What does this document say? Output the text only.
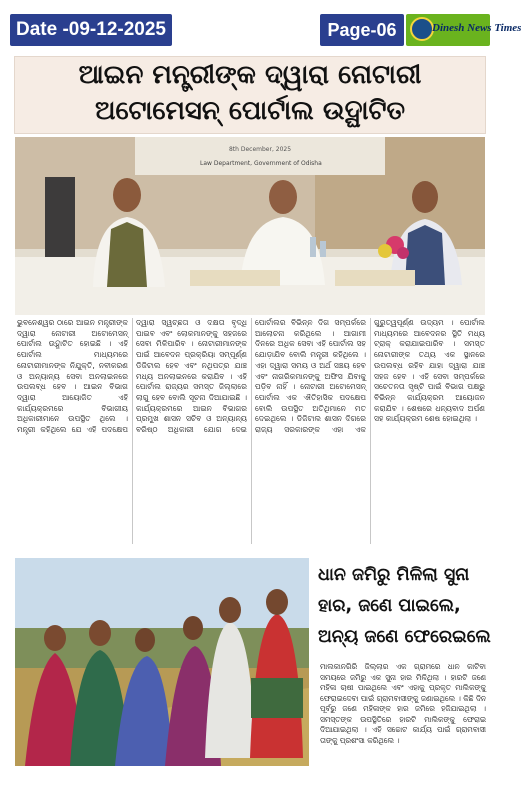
Date -09-12-2025	Page-06	Dinesh News Times
ଆଇନ ମନ୍ତ୍ରୀଙ୍କ ଦ୍ୱାରା ନୋଟାରୀ
ଅଟୋମେସନ୍ ପୋର୍ଟାଲ ଉଦ୍ଘାଟିତ
8th December, 2025
Law Department, Government of Odisha

ଭୁବନେଶ୍ୱର ଠାରେ ଆଇନ ମନ୍ତ୍ରୀଙ୍କ ଦ୍ୱାରା ନୋଟାରୀ ଅଟୋମେସନ୍ ପୋର୍ଟାଲ ଉଦ୍ଘାଟିତ ହୋଇଛି । ଏହି ପୋର୍ଟାଲ ମାଧ୍ୟମରେ ନୋଟାରୀମାନଙ୍କ ନିଯୁକ୍ତି, ନବୀକରଣ ଓ ଅନ୍ୟାନ୍ୟ ସେବା ଅନଲାଇନରେ ଉପଲବ୍ଧ ହେବ । ଆଇନ ବିଭାଗ ଦ୍ୱାରା ଆୟୋଜିତ ଏହି କାର୍ଯ୍ୟକ୍ରମରେ ବିଭାଗୀୟ ଅଧିକାରୀମାନେ ଉପସ୍ଥିତ ଥିଲେ । ମନ୍ତ୍ରୀ କହିଥିଲେ ଯେ ଏହି ପଦକ୍ଷେପ ଦ୍ୱାରା ସ୍ୱଚ୍ଛତା ଓ ଦକ୍ଷତା ବୃଦ୍ଧି ପାଇବ ଏବଂ ଲୋକମାନଙ୍କୁ ସହଜରେ ସେବା ମିଳିପାରିବ । ନୋଟାରୀମାନଙ୍କ ପାଇଁ ଆବେଦନ ପ୍ରକ୍ରିୟା ସମ୍ପୂର୍ଣ୍ଣ ଡିଜିଟାଲ ହେବ ଏବଂ ନଥିପତ୍ର ଯାଞ୍ଚ ମଧ୍ୟ ଅନଲାଇନରେ କରାଯିବ । ଏହି ପୋର୍ଟାଲ ରାଜ୍ୟର ସମସ୍ତ ଜିଲ୍ଲାରେ ଲାଗୁ ହେବ ବୋଲି ସୂଚନା ଦିଆଯାଇଛି । କାର୍ଯ୍ୟକ୍ରମରେ ଆଇନ ବିଭାଗର ପ୍ରମୁଖ ଶାସନ ସଚିବ ଓ ଅନ୍ୟାନ୍ୟ ବରିଷ୍ଠ ଅଧିକାରୀ ଯୋଗ ଦେଇ ପୋର୍ଟାଲର ବିଭିନ୍ନ ଦିଗ ସମ୍ପର୍କରେ ଆଲୋଚନା କରିଥିଲେ । ଆଗାମୀ ଦିନରେ ଅଧିକ ସେବା ଏହି ପୋର୍ଟାଲ ସହ ଯୋଡ଼ାଯିବ ବୋଲି ମନ୍ତ୍ରୀ କହିଥିଲେ । ଏହା ଦ୍ୱାରା ସମୟ ଓ ଅର୍ଥ ସଞ୍ଚୟ ହେବ ଏବଂ ନାଗରିକମାନଙ୍କୁ ଅଫିସ ଯିବାକୁ ପଡ଼ିବ ନାହିଁ । ନୋଟାରୀ ଅଟୋମେସନ୍ ପୋର୍ଟାଲ ଏକ ଐତିହାସିକ ପଦକ୍ଷେପ ବୋଲି ଉପସ୍ଥିତ ଅତିଥିମାନେ ମତ ଦେଇଥିଲେ । ଡିଜିଟାଲ ଶାସନ ଦିଗରେ ରାଜ୍ୟ ସରକାରଙ୍କ ଏହା ଏକ ଗୁରୁତ୍ୱପୂର୍ଣ୍ଣ ଉଦ୍ୟମ । ପୋର୍ଟାଲ ମାଧ୍ୟମରେ ଆବେଦନର ସ୍ଥିତି ମଧ୍ୟ ଟ୍ରାକ୍ କରାଯାଇପାରିବ । ସମସ୍ତ ନୋଟାରୀଙ୍କ ତଥ୍ୟ ଏକ ସ୍ଥାନରେ ଉପଲବ୍ଧ ରହିବ ଯାହା ଦ୍ୱାରା ଯାଞ୍ଚ ସହଜ ହେବ । ଏହି ସେବା ସମ୍ପର୍କରେ ସଚେତନତା ସୃଷ୍ଟି ପାଇଁ ବିଭାଗ ପକ୍ଷରୁ ବିଭିନ୍ନ କାର୍ଯ୍ୟକ୍ରମ ଆୟୋଜନ କରାଯିବ । ଶେଷରେ ଧନ୍ୟବାଦ ଅର୍ପଣ ସହ କାର୍ଯ୍ୟକ୍ରମ ଶେଷ ହୋଇଥିଲା ।

ଧାନ ଜମିରୁ ମିଳିଲା ସୁନା
ହାର, ଜଣେ ପାଇଲେ,
ଅନ୍ୟ ଜଣେ ଫେରେଇଲେ

ମାଲକାନଗିରି ଜିଲ୍ଲାର ଏକ ଗ୍ରାମରେ ଧାନ କାଟିବା ସମୟରେ ଜମିରୁ ଏକ ସୁନା ହାର ମିଳିଥିଲା । ହାରଟି ଜଣେ ମହିଳା ଚାଷୀ ପାଇଥିଲେ ଏବଂ ଏହାକୁ ପ୍ରକୃତ ମାଲିକଙ୍କୁ ଫେରାଇଦେବା ପାଇଁ ଗ୍ରାମବାସୀଙ୍କୁ ଜଣାଇଥିଲେ । କିଛି ଦିନ ପୂର୍ବରୁ ଜଣେ ମହିଳାଙ୍କ ହାର ଜମିରେ ହଜିଯାଇଥିଲା । ସମସ୍ତଙ୍କ ଉପସ୍ଥିତିରେ ହାରଟି ମାଲିକଙ୍କୁ ଫେରାଇ ଦିଆଯାଇଥିଲା । ଏହି ସଚ୍ଚୋଟ କାର୍ଯ୍ୟ ପାଇଁ ଗ୍ରାମବାସୀ ତାଙ୍କୁ ପ୍ରଶଂସା କରିଥିଲେ ।
